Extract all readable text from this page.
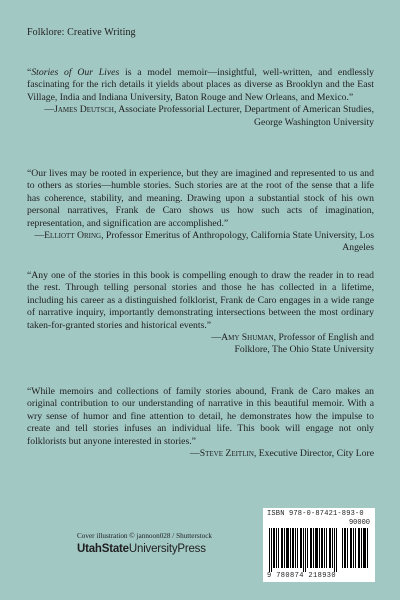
Folklore: Creative Writing

“Stories of Our Lives is a model memoir—insightful, well-written, and endlessly fascinating for the rich details it yields about places as diverse as Brooklyn and the East Village, India and Indiana University, Baton Rouge and New Orleans, and Mexico.”

—James Deutsch, Associate Professorial Lecturer, Department of American Studies, George Washington University

“Our lives may be rooted in experience, but they are imagined and represented to us and to others as stories—humble stories. Such stories are at the root of the sense that a life has coherence, stability, and meaning. Drawing upon a substantial stock of his own personal narratives, Frank de Caro shows us how such acts of imagination, representation, and signification are accomplished.”

—Elliott Oring, Professor Emeritus of Anthropology, California State University, Los Angeles

“Any one of the stories in this book is compelling enough to draw the reader in to read the rest. Through telling personal stories and those he has collected in a lifetime, including his career as a distinguished folklorist, Frank de Caro engages in a wide range of narrative inquiry, importantly demonstrating intersections between the most ordinary taken-for-granted stories and historical events.”

—Amy Shuman, Professor of English and Folklore, The Ohio State University

“While memoirs and collections of family stories abound, Frank de Caro makes an original contribution to our understanding of narrative in this beautiful memoir. With a wry sense of humor and fine attention to detail, he demonstrates how the impulse to create and tell stories infuses an individual life. This book will engage not only folklorists but anyone interested in stories.”

—Steve Zeitlin, Executive Director, City Lore

Cover illustration © jannoon028 / Shutterstock
UtahStateUniversityPress
ISBN 978-0-87421-893-0
90000
9 780874 218930
